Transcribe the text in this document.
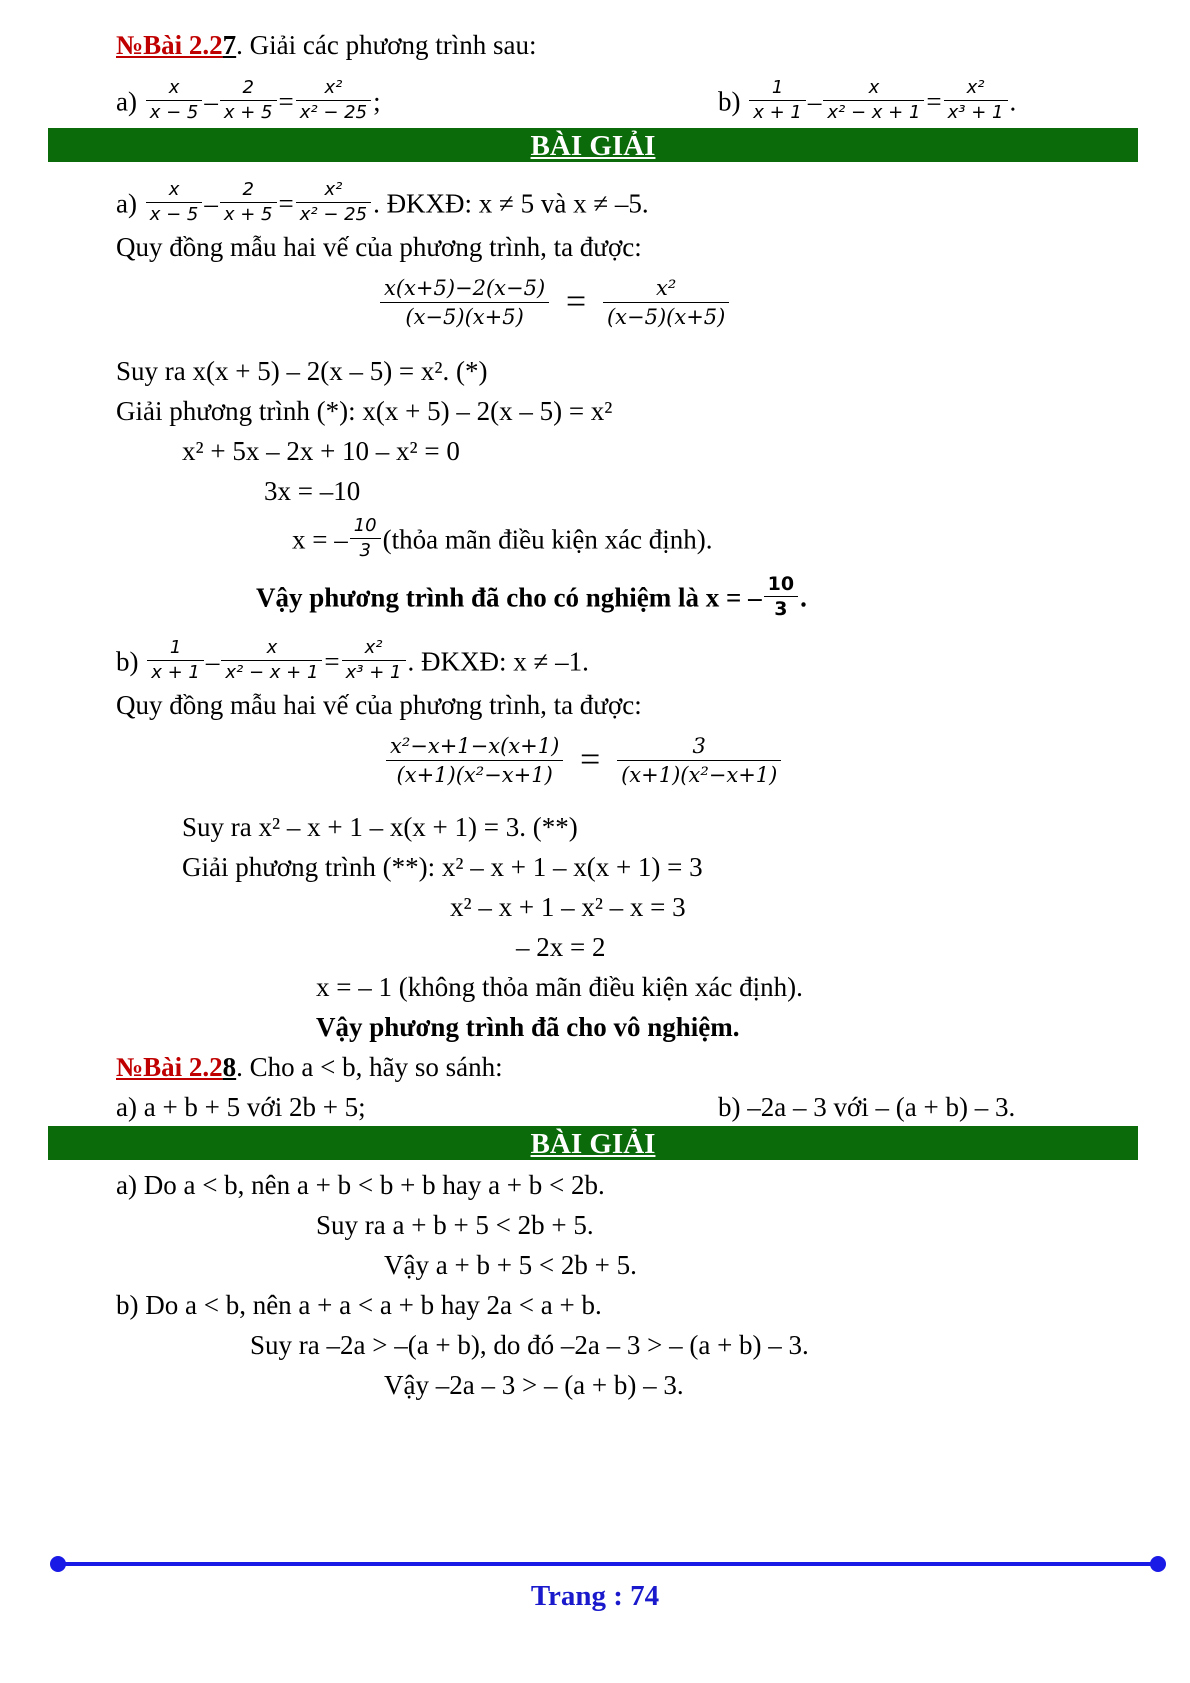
№Bài 2.27. Giải các phương trình sau:
$a) \frac{x}{x - 5} - \frac{2}{x + 5} = \frac{\text{x²}}{\text{x² − 25}}$ ;	$b) \frac{1}{x + 1} - \frac{x}{\text{x² − x + 1}} = \frac{\text{x²}}{\text{x³ + 1}}$ .
BÀI GIẢI
$a) \frac{x}{x - 5} - \frac{2}{x + 5} = \frac{\text{x²}}{\text{x² − 25}}$ . ĐKXĐ: x ≠ 5 và x ≠ –5.
Quy đồng mẫu hai vế của phương trình, ta được:
$\frac{x(x+5)-2(x-5)}{(x-5)(x+5)} = \frac{\text{x²}}{(x-5)(x+5)}$
Suy ra x(x + 5) – 2(x – 5) = x². (*)
Giải phương trình (*): x(x + 5) – 2(x – 5) = x²
x² + 5x – 2x + 10 – x² = 0
3x = –10
x = – $\frac{10}{3}$ (thỏa mãn điều kiện xác định).
Vậy phương trình đã cho có nghiệm là x = – $\frac{10}{3}$ .
$b) \frac{1}{x + 1} - \frac{x}{\text{x² − x + 1}} = \frac{\text{x²}}{\text{x³ + 1}}$ . ĐKXĐ: x ≠ –1.
Quy đồng mẫu hai vế của phương trình, ta được:
$\frac{\text{x²−x+1−x(x+1)}}{\text{(x+1)(x²−x+1)}} = \frac{3}{\text{(x+1)(x²−x+1)}}$
Suy ra x² – x + 1 – x(x + 1) = 3. (**)
Giải phương trình (**): x² – x + 1 – x(x + 1) = 3
x² – x + 1 – x² – x = 3
– 2x = 2
x = – 1 (không thỏa mãn điều kiện xác định).
Vậy phương trình đã cho vô nghiệm.
№Bài 2.28. Cho a < b, hãy so sánh:
a) a + b + 5 với 2b + 5;	b) –2a – 3 với – (a + b) – 3.
BÀI GIẢI
a) Do a < b, nên a + b < b + b hay a + b < 2b.
Suy ra a + b + 5 < 2b + 5.
Vậy a + b + 5 < 2b + 5.
b) Do a < b, nên a + a < a + b hay 2a < a + b.
Suy ra –2a > –(a + b), do đó –2a – 3 > – (a + b) – 3.
Vậy –2a – 3 > – (a + b) – 3.
Trang : 74
